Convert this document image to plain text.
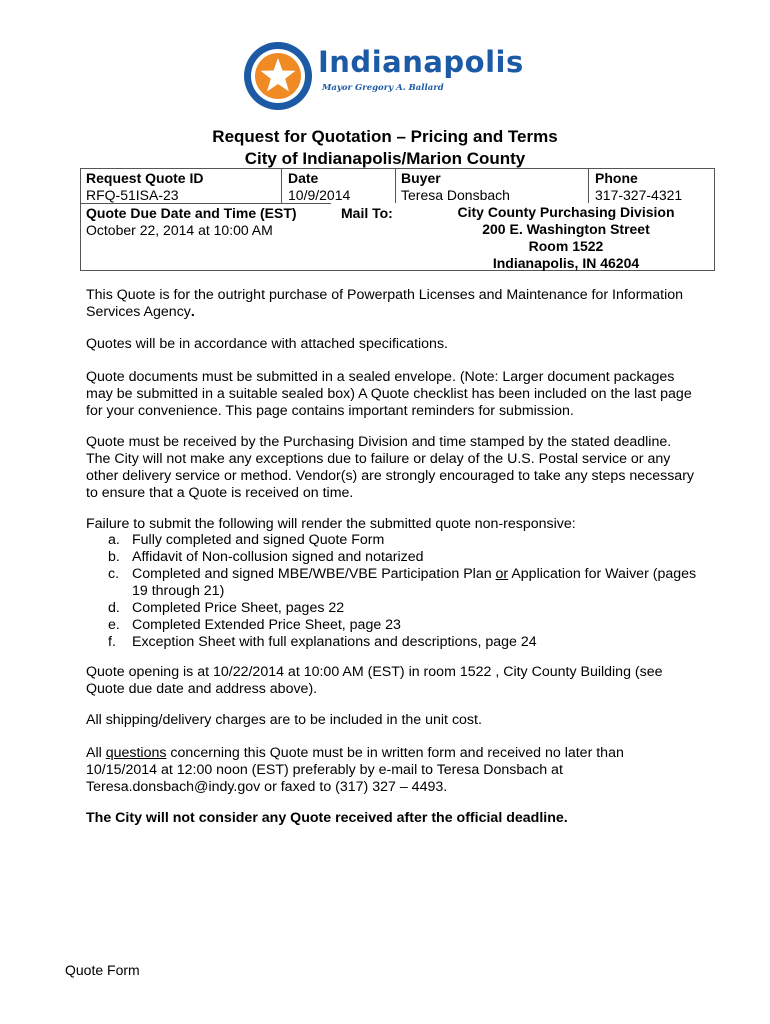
Indianapolis
Mayor Gregory A. Ballard
Request for Quotation – Pricing and Terms
City of Indianapolis/Marion County
Request Quote ID
RFQ-51ISA-23
Date
10/9/2014
Buyer
Teresa Donsbach
Phone
317-327-4321
Quote Due Date and Time (EST)
October 22, 2014 at 10:00 AM
Mail To:	City County Purchasing Division
200 E. Washington Street
Room 1522
Indianapolis, IN 46204

This Quote is for the outright purchase of Powerpath Licenses and Maintenance for Information Services Agency.

Quotes will be in accordance with attached specifications.

Quote documents must be submitted in a sealed envelope. (Note: Larger document packages may be submitted in a suitable sealed box) A Quote checklist has been included on the last page for your convenience. This page contains important reminders for submission.

Quote must be received by the Purchasing Division and time stamped by the stated deadline. The City will not make any exceptions due to failure or delay of the U.S. Postal service or any other delivery service or method. Vendor(s) are strongly encouraged to take any steps necessary to ensure that a Quote is received on time.

Failure to submit the following will render the submitted quote non-responsive:

a. Fully completed and signed Quote Form
b. Affidavit of Non-collusion signed and notarized
c. Completed and signed MBE/WBE/VBE Participation Plan or Application for Waiver (pages 19 through 21)
d. Completed Price Sheet, pages 22
e. Completed Extended Price Sheet, page 23
f. Exception Sheet with full explanations and descriptions, page 24

Quote opening is at 10/22/2014 at 10:00 AM (EST) in room 1522 , City County Building (see Quote due date and address above).

All shipping/delivery charges are to be included in the unit cost.

All questions concerning this Quote must be in written form and received no later than 10/15/2014 at 12:00 noon (EST) preferably by e-mail to Teresa Donsbach at Teresa.donsbach@indy.gov or faxed to (317) 327 – 4493.

The City will not consider any Quote received after the official deadline.

Quote Form
